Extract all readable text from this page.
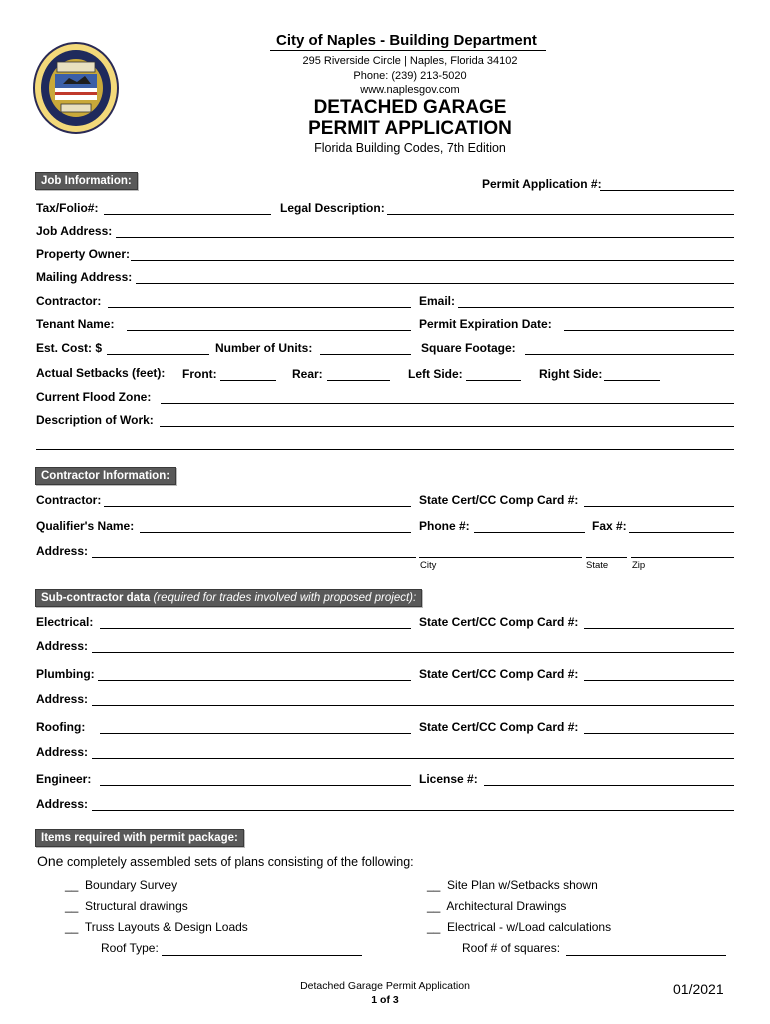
City of Naples - Building Department
295 Riverside Circle | Naples, Florida 34102
Phone: (239) 213-5020
www.naplesgov.com
DETACHED GARAGE
PERMIT APPLICATION
Florida Building Codes, 7th Edition
Job Information:	Permit Application #:
Tax/Folio#:	Legal Description:
Job Address:
Property Owner:
Mailing Address:
Contractor:	Email:
Tenant Name:	Permit Expiration Date:
Est. Cost: $	Number of Units:	Square Footage:
Actual Setbacks (feet): Front:	Rear:	Left Side:	Right Side:
Current Flood Zone:
Description of Work:
Contractor Information:
Contractor:	State Cert/CC Comp Card #:
Qualifier's Name:	Phone #:	Fax #:
Address:
City	State	Zip
Sub-contractor data (required for trades involved with proposed project):
Electrical:	State Cert/CC Comp Card #:
Address:
Plumbing:	State Cert/CC Comp Card #:
Address:
Roofing:	State Cert/CC Comp Card #:
Address:
Engineer:	License #:
Address:
Items required with permit package:
One completely assembled sets of plans consisting of the following:
__ Boundary Survey
__ Structural drawings
__ Truss Layouts & Design Loads
__ Site Plan w/Setbacks shown
__ Architectural Drawings
__ Electrical - w/Load calculations
Roof Type:	Roof # of squares:
Detached Garage Permit Application
1 of 3
01/2021
